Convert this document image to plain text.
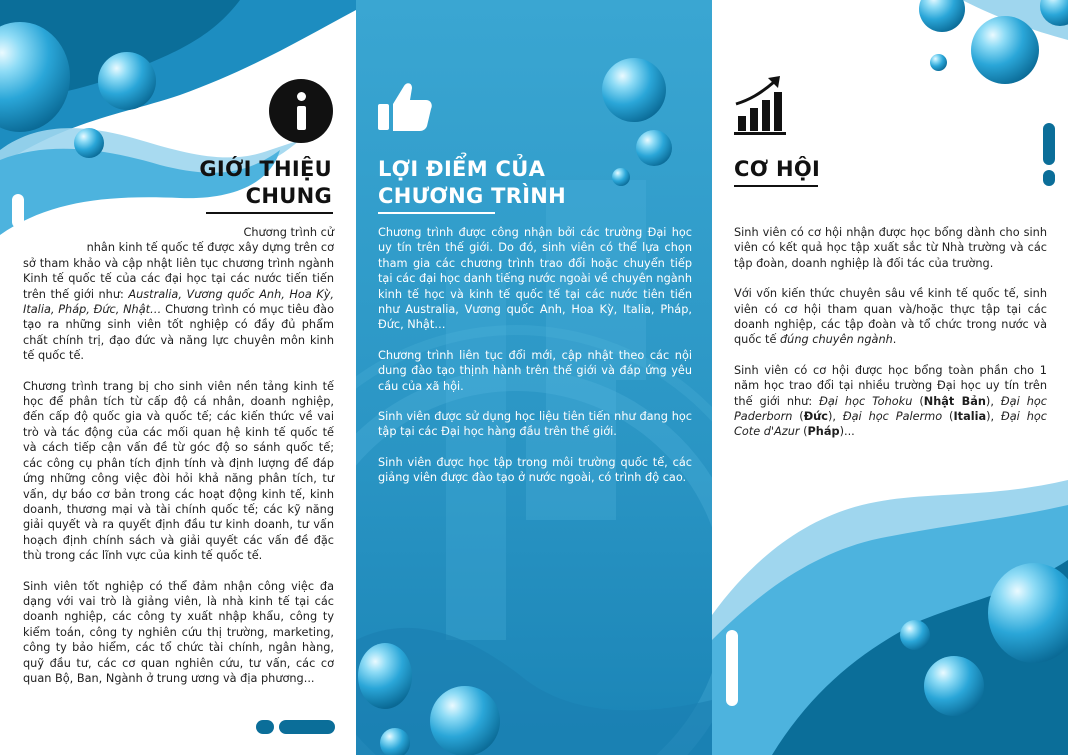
GIỚI THIỆU
CHUNG

Chương trình cử
nhân kinh tế quốc tế được xây dựng trên cơ
sở tham khảo và cập nhật liên tục chương trình ngành Kinh tế quốc tế của các đại học tại các nước tiến tiến trên thế giới như: Australia, Vương quốc Anh, Hoa Kỳ, Italia, Pháp, Đức, Nhật… Chương trình có mục tiêu đào tạo ra những sinh viên tốt nghiệp có đầy đủ phẩm chất chính trị, đạo đức và năng lực chuyên môn kinh tế quốc tế.

Chương trình trang bị cho sinh viên nền tảng kinh tế học để phân tích từ cấp độ cá nhân, doanh nghiệp, đến cấp độ quốc gia và quốc tế; các kiến thức về vai trò và tác động của các mối quan hệ kinh tế quốc tế và cách tiếp cận vấn đề từ góc độ so sánh quốc tế; các công cụ phân tích định tính và định lượng để đáp ứng những công việc đòi hỏi khả năng phân tích, tư vấn, dự báo cơ bản trong các hoạt động kinh tế, kinh doanh, thương mại và tài chính quốc tế; các kỹ năng giải quyết và ra quyết định đầu tư kinh doanh, tư vấn hoạch định chính sách và giải quyết các vấn đề đặc thù trong các lĩnh vực của kinh tế quốc tế.

Sinh viên tốt nghiệp có thể đảm nhận công việc đa dạng với vai trò là giảng viên, là nhà kinh tế tại các doanh nghiệp, các công ty xuất nhập khẩu, công ty kiểm toán, công ty nghiên cứu thị trường, marketing, công ty bảo hiểm, các tổ chức tài chính, ngân hàng, quỹ đầu tư, các cơ quan nghiên cứu, tư vấn, các cơ quan Bộ, Ban, Ngành ở trung ương và địa phương...

LỢI ĐIỂM CỦA
CHƯƠNG TRÌNH

Chương trình được công nhận bởi các trường Đại học uy tín trên thế giới. Do đó, sinh viên có thể lựa chọn tham gia các chương trình trao đổi hoặc chuyển tiếp tại các đại học danh tiếng nước ngoài về chuyên ngành kinh tế học và kinh tế quốc tế tại các nước tiên tiến như Australia, Vương quốc Anh, Hoa Kỳ, Italia, Pháp, Đức, Nhật…

Chương trình liên tục đổi mới, cập nhật theo các nội dung đào tạo thịnh hành trên thế giới và đáp ứng yêu cầu của xã hội.

Sinh viên được sử dụng học liệu tiên tiến như đang học tập tại các Đại học hàng đầu trên thế giới.

Sinh viên được học tập trong môi trường quốc tế, các giảng viên được đào tạo ở nước ngoài, có trình độ cao.

CƠ HỘI

Sinh viên có cơ hội nhận được học bổng dành cho sinh viên có kết quả học tập xuất sắc từ Nhà trường và các tập đoàn, doanh nghiệp là đối tác của trường.

Với vốn kiến thức chuyên sâu về kinh tế quốc tế, sinh viên có cơ hội tham quan và/hoặc thực tập tại các doanh nghiệp, các tập đoàn và tổ chức trong nước và quốc tế đúng chuyên ngành.

Sinh viên có cơ hội được học bổng toàn phần cho 1 năm học trao đổi tại nhiều trường Đại học uy tín trên thế giới như: Đại học Tohoku (Nhật Bản), Đại học Paderborn (Đức), Đại học Palermo (Italia), Đại học Cote d'Azur (Pháp)...
